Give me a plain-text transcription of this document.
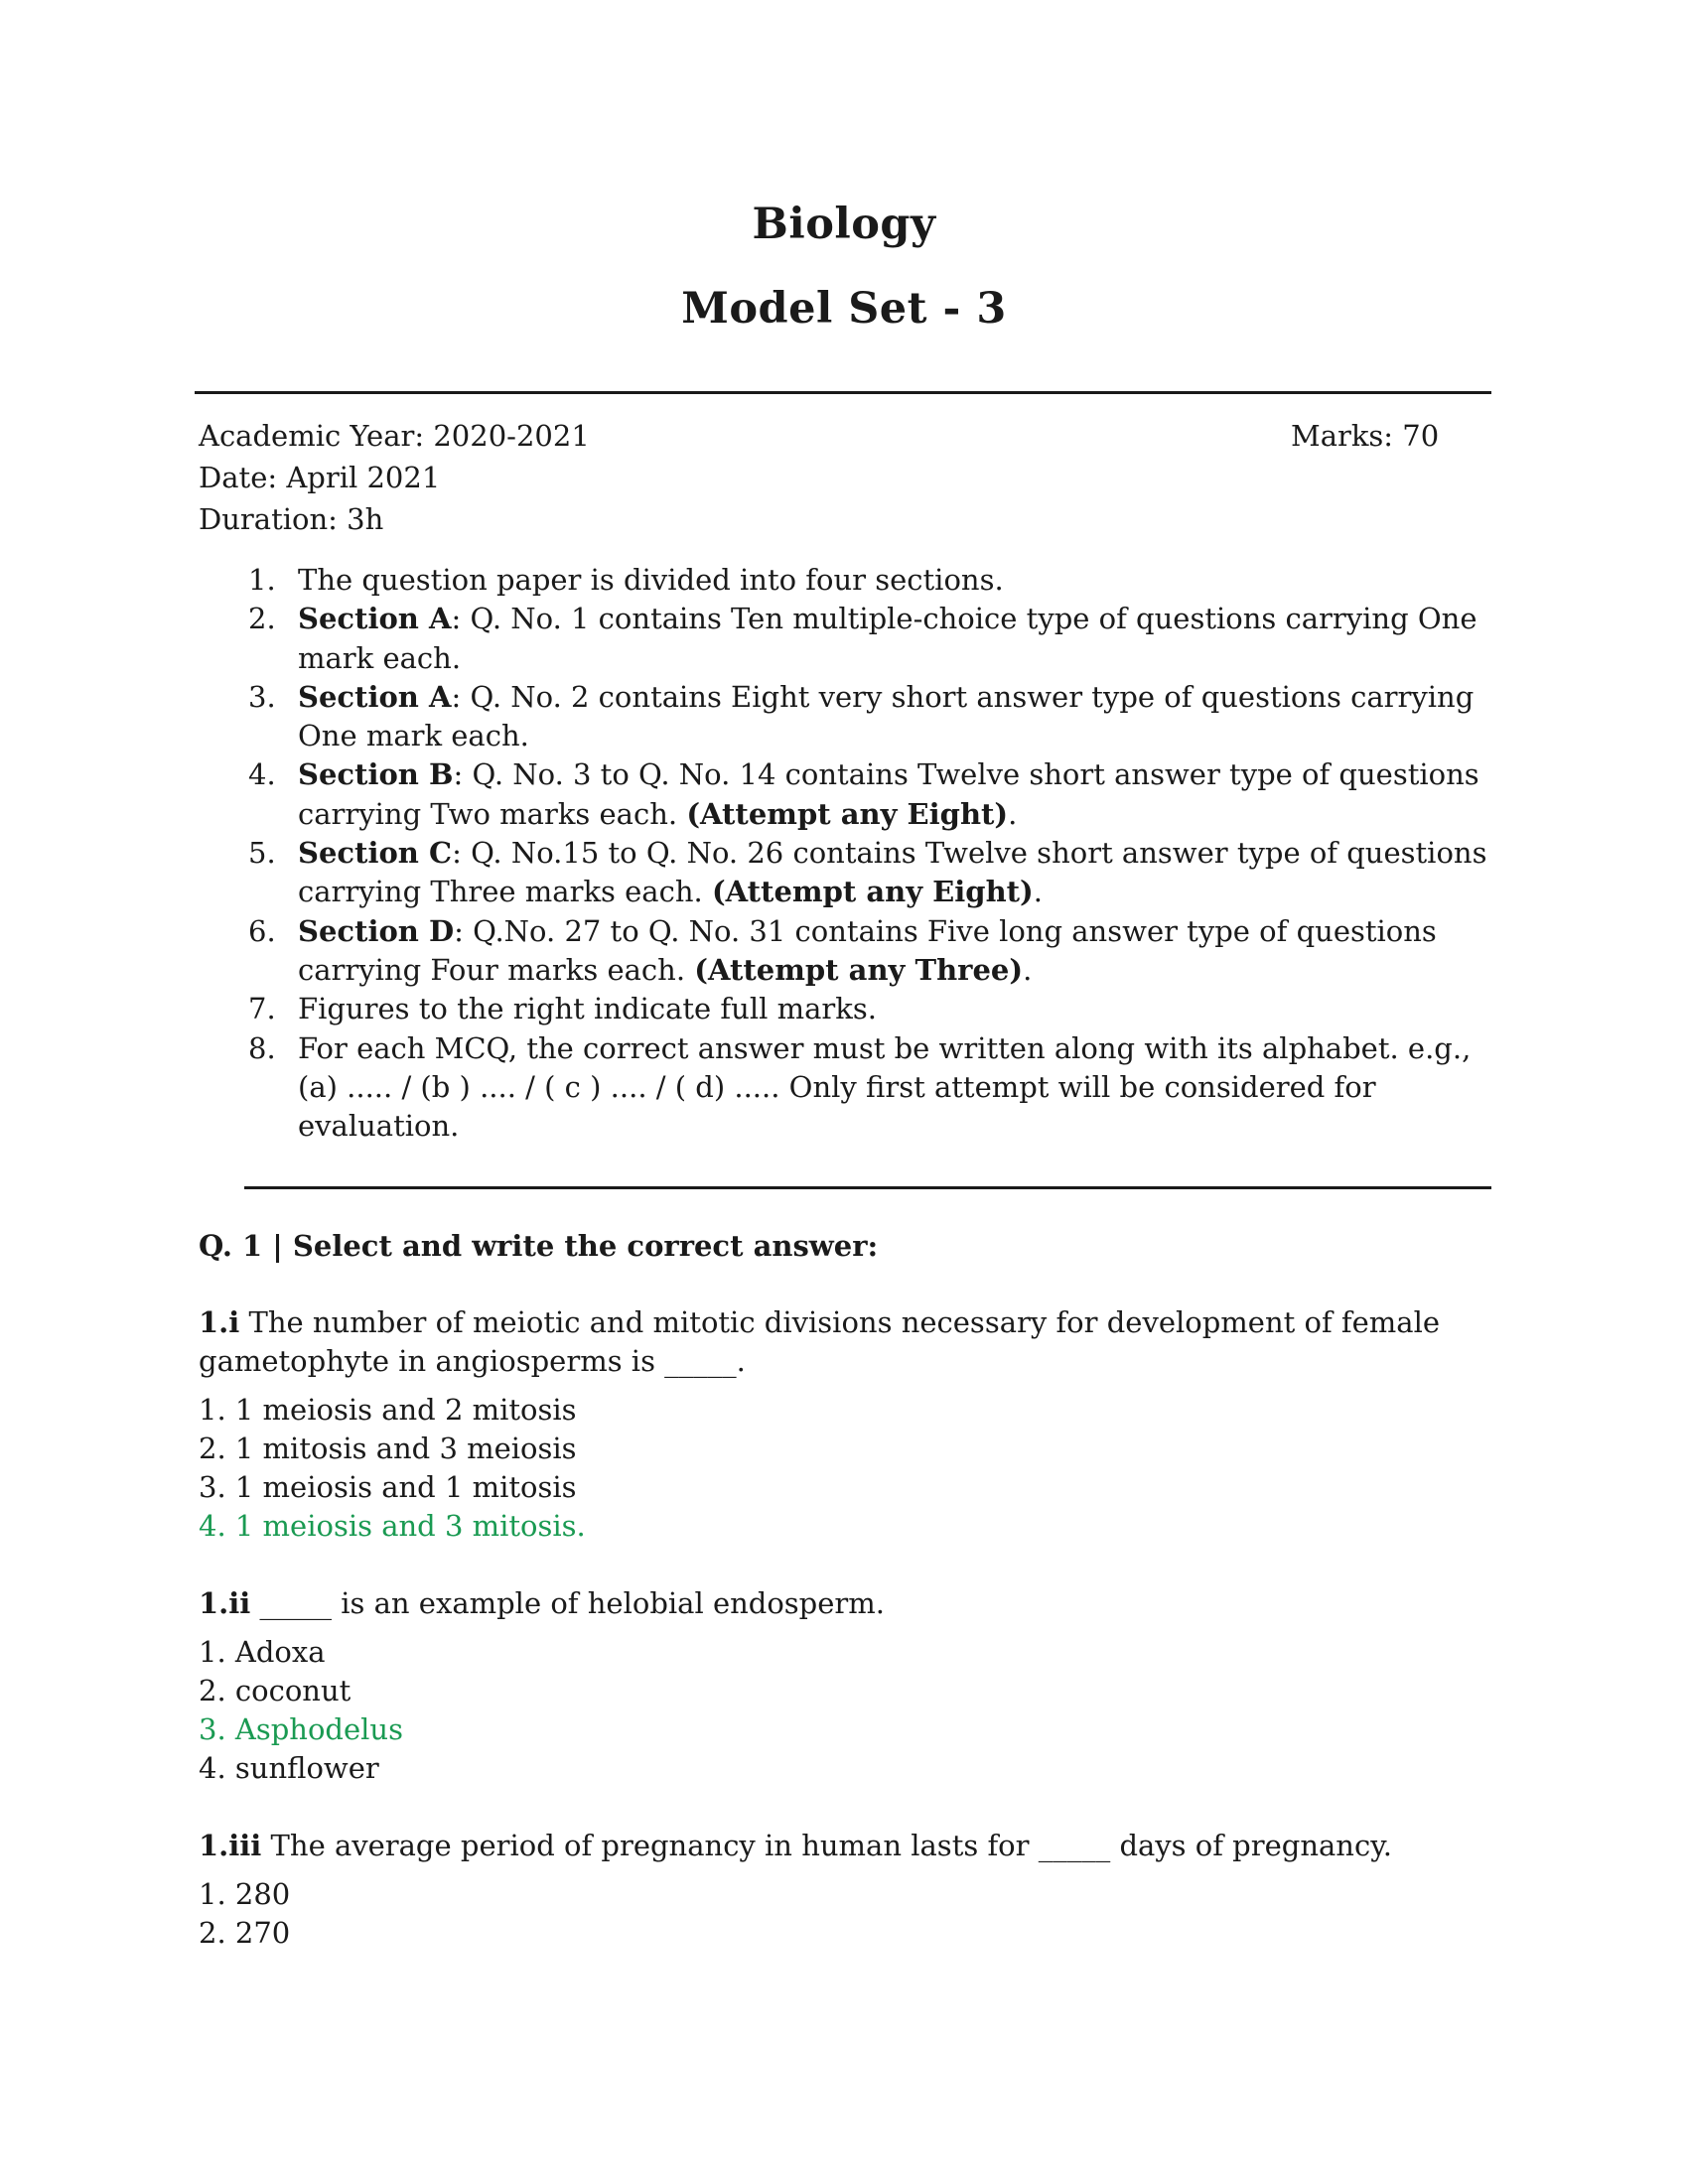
Biology
Model Set - 3
Academic Year: 2020-2021
Date: April 2021
Duration: 3h
Marks: 70
1. The question paper is divided into four sections.
2. Section A: Q. No. 1 contains Ten multiple-choice type of questions carrying One mark each.
3. Section A: Q. No. 2 contains Eight very short answer type of questions carrying One mark each.
4. Section B: Q. No. 3 to Q. No. 14 contains Twelve short answer type of questions carrying Two marks each. (Attempt any Eight).
5. Section C: Q. No.15 to Q. No. 26 contains Twelve short answer type of questions carrying Three marks each. (Attempt any Eight).
6. Section D: Q.No. 27 to Q. No. 31 contains Five long answer type of questions carrying Four marks each. (Attempt any Three).
7. Figures to the right indicate full marks.
8. For each MCQ, the correct answer must be written along with its alphabet. e.g., (a) ..... / (b ) .... / ( c ) .... / ( d) ..... Only first attempt will be considered for evaluation.
Q. 1 | Select and write the correct answer:

1.i The number of meiotic and mitotic divisions necessary for development of female gametophyte in angiosperms is _____.

1. 1 meiosis and 2 mitosis
2. 1 mitosis and 3 meiosis
3. 1 meiosis and 1 mitosis
4. 1 meiosis and 3 mitosis.

1.ii _____ is an example of helobial endosperm.

1. Adoxa
2. coconut
3. Asphodelus
4. sunflower

1.iii The average period of pregnancy in human lasts for _____ days of pregnancy.

1. 280
2. 270
